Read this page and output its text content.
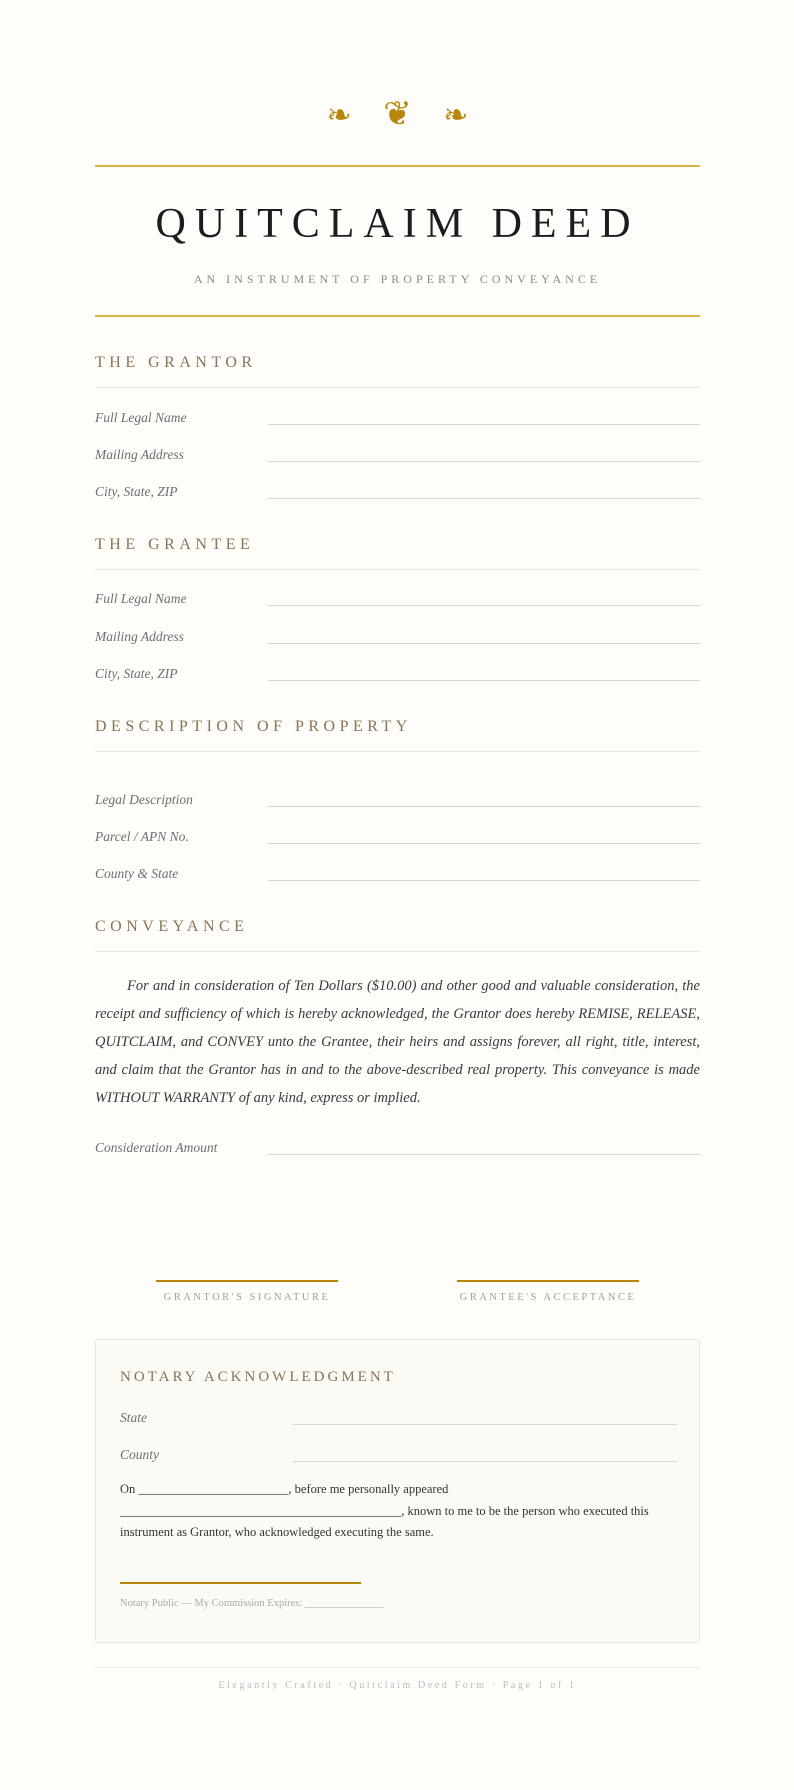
❧ ❦ ❧
QUITCLAIM DEED
AN INSTRUMENT OF PROPERTY CONVEYANCE
THE GRANTOR
Full Legal Name
Mailing Address
City, State, ZIP
THE GRANTEE
Full Legal Name
Mailing Address
City, State, ZIP
DESCRIPTION OF PROPERTY
Legal Description
Parcel / APN No.
County & State
CONVEYANCE

For and in consideration of Ten Dollars ($10.00) and other good and valuable consideration, the receipt and sufficiency of which is hereby acknowledged, the Grantor does hereby REMISE, RELEASE, QUITCLAIM, and CONVEY unto the Grantee, their heirs and assigns forever, all right, title, interest, and claim that the Grantor has in and to the above-described real property. This conveyance is made WITHOUT WARRANTY of any kind, express or implied.

Consideration Amount
GRANTOR'S SIGNATURE	GRANTEE'S ACCEPTANCE
NOTARY ACKNOWLEDGMENT
State
County
On ________________________, before me personally appeared
_____________________________________________, known to me to be the person who executed this instrument as Grantor, who acknowledged executing the same.
Notary Public — My Commission Expires: _______________
Elegantly Crafted · Quitclaim Deed Form · Page 1 of 1
